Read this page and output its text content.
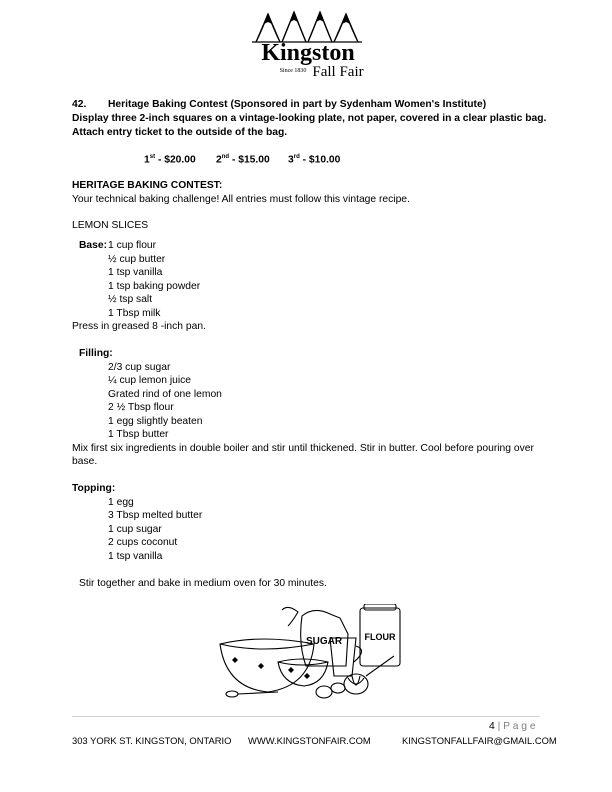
Kingston
Since 1830 Fall Fair
42. Heritage Baking Contest (Sponsored in part by Sydenham Women's Institute)
Display three 2-inch squares on a vintage-looking plate, not paper, covered in a clear plastic bag.
Attach entry ticket to the outside of the bag.
1st - $20.00 2nd - $15.00 3rd - $10.00
HERITAGE BAKING CONTEST:
Your technical baking challenge! All entries must follow this vintage recipe.
LEMON SLICES
Base: 1 cup flour
½ cup butter
1 tsp vanilla
1 tsp baking powder
½ tsp salt
1 Tbsp milk
Press in greased 8 -inch pan.
Filling:
2/3 cup sugar
¼ cup lemon juice
Grated rind of one lemon
2 ½ Tbsp flour
1 egg slightly beaten
1 Tbsp butter
Mix first six ingredients in double boiler and stir until thickened. Stir in butter. Cool before pouring over
base.
Topping:
1 egg
3 Tbsp melted butter
1 cup sugar
2 cups coconut
1 tsp vanilla
Stir together and bake in medium oven for 30 minutes.
SUGAR FLOUR
4 | P a g e
303 YORK ST. KINGSTON, ONTARIO WWW.KINGSTONFAIR.COM	KINGSTONFALLFAIR@GMAIL.COM
